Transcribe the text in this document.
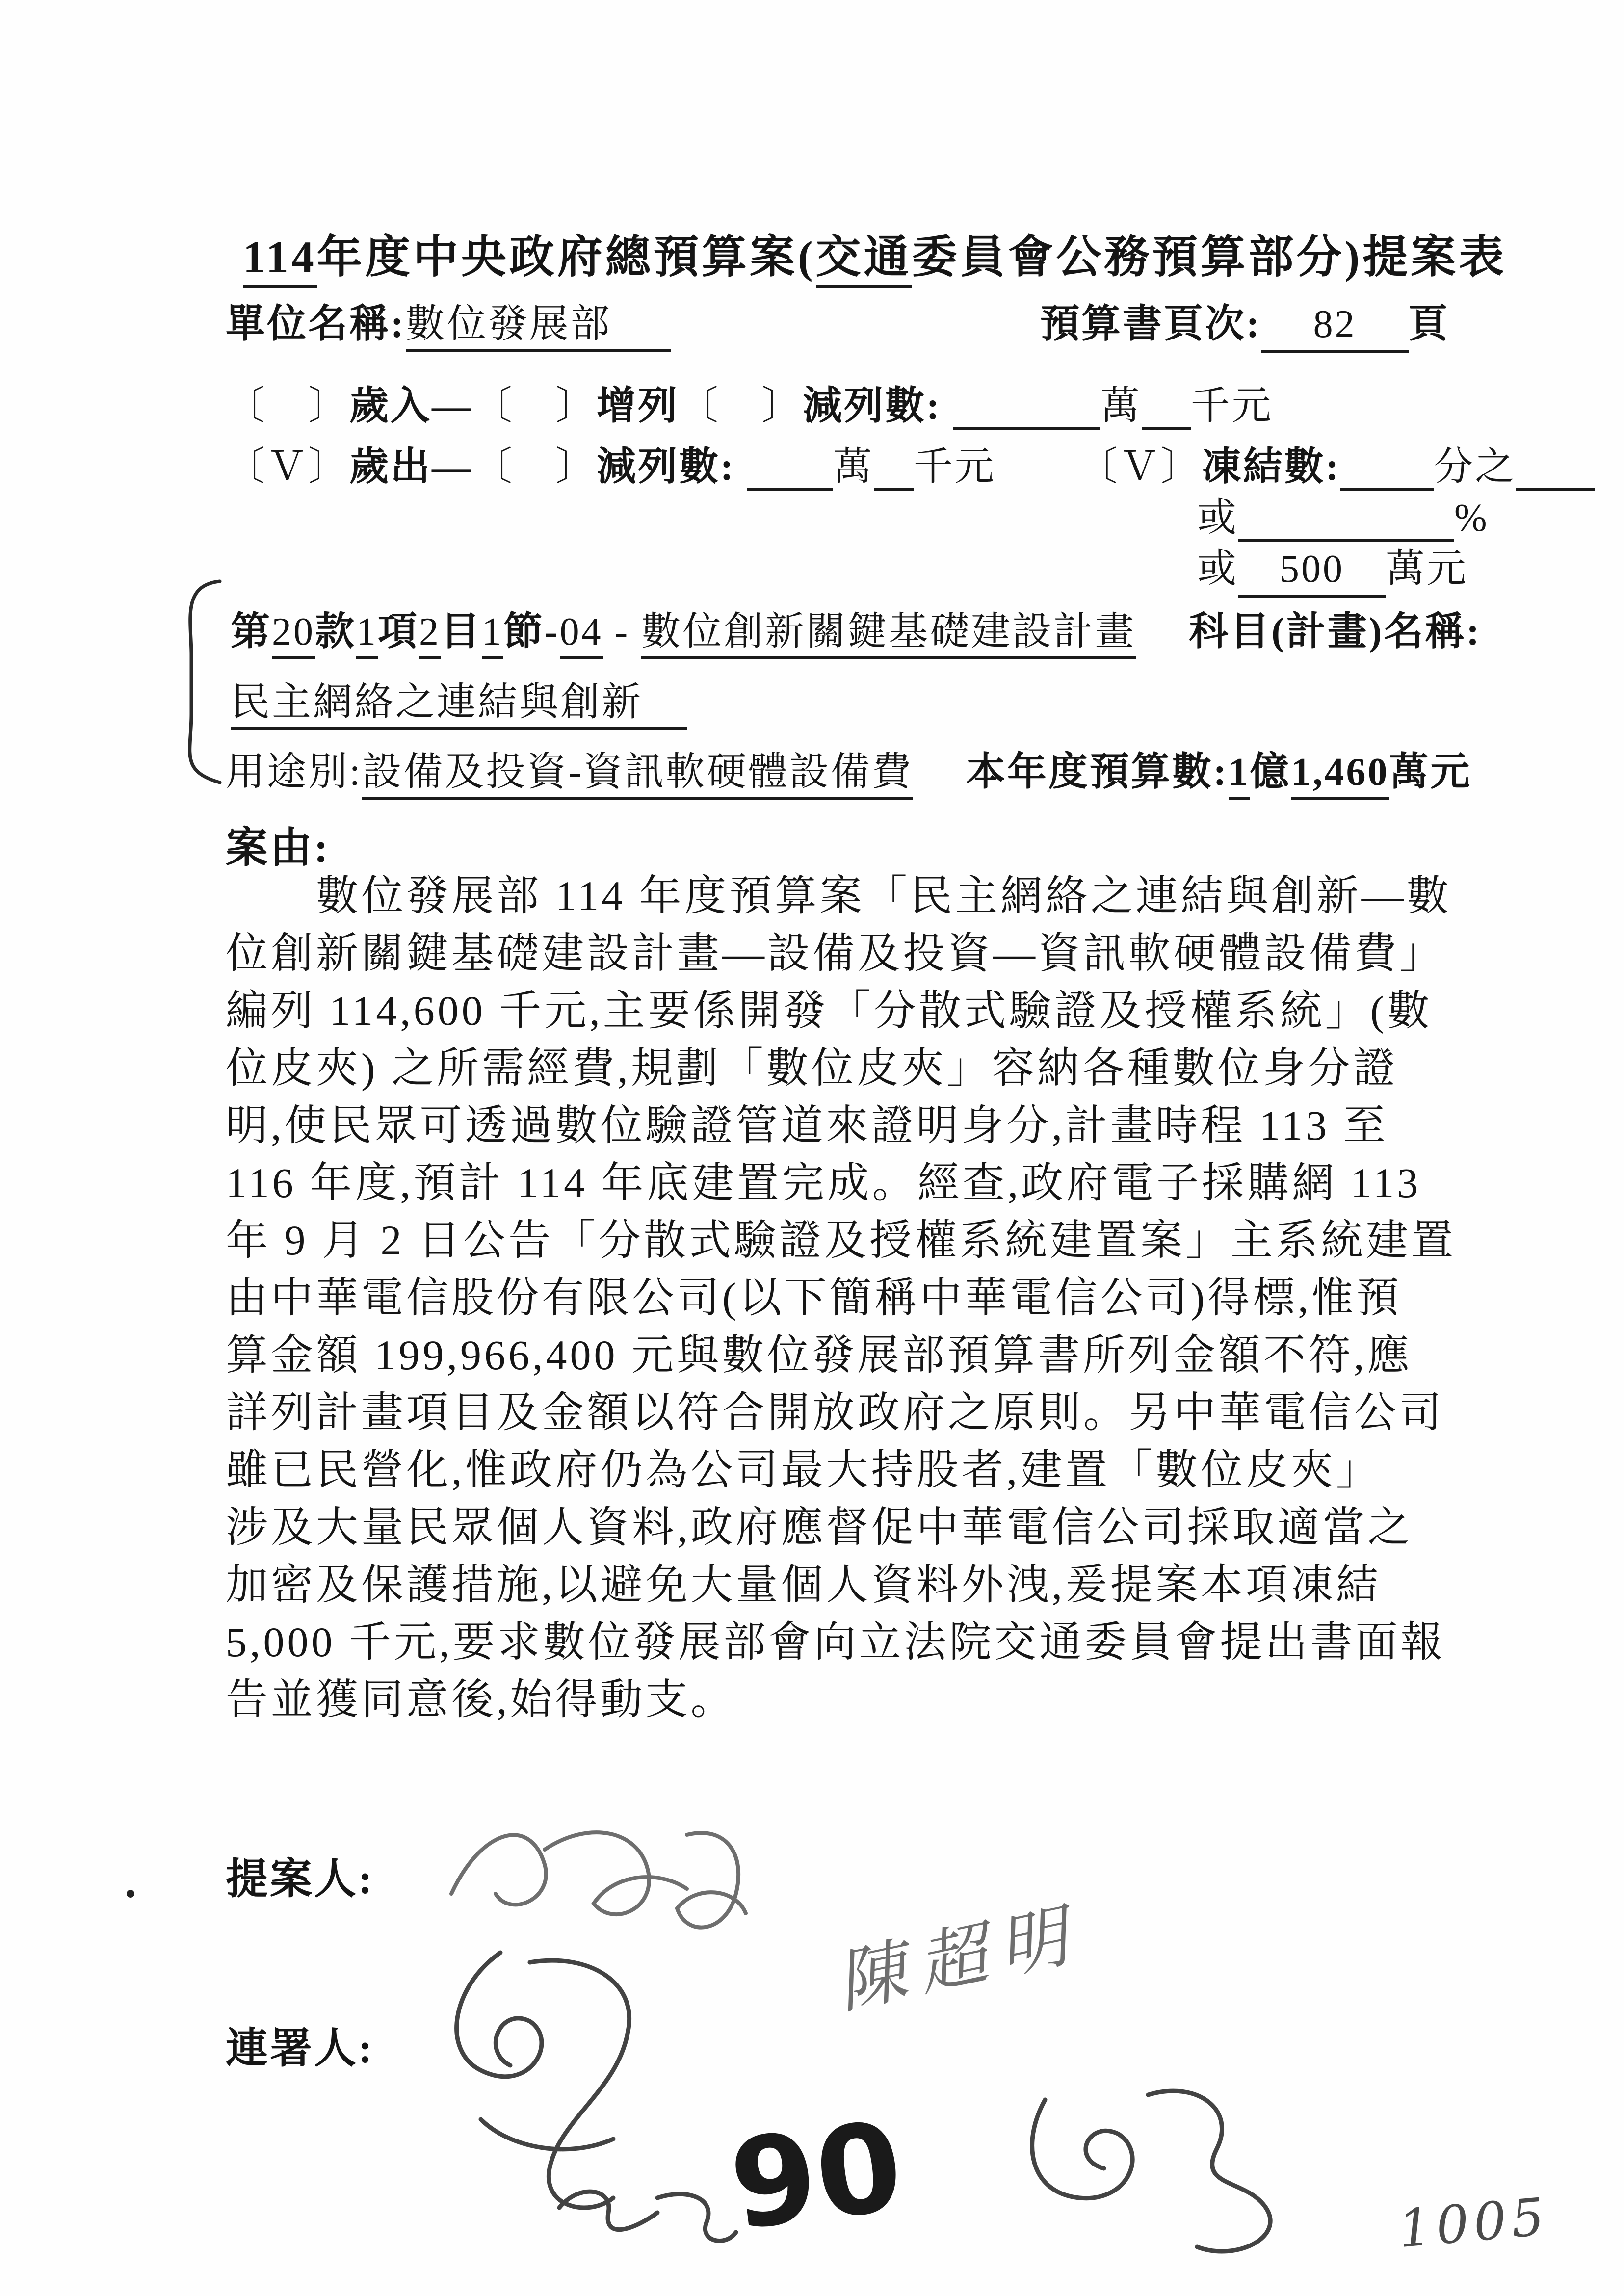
114年度中央政府總預算案(交通委員會公務預算部分)提案表
單位名稱:數位發展部	預算書頁次: 82 頁
〔　〕歲入—〔　〕增列〔　〕減列數:	萬 千元
〔Ｖ〕歲出—〔　〕減列數: 萬 千元 〔Ｖ〕凍結數: 分之
或	%
或 500 萬元
第20款1項2目1節-04 - 數位創新關鍵基礎建設計畫 科目(計畫)名稱:
民主網絡之連結與創新
用途別:設備及投資-資訊軟硬體設備費 本年度預算數:1億1,460萬元
案由:
數位發展部 114 年度預算案「民主網絡之連結與創新—數
位創新關鍵基礎建設計畫—設備及投資—資訊軟硬體設備費」
編列 114,600 千元,主要係開發「分散式驗證及授權系統」(數
位皮夾) 之所需經費,規劃「數位皮夾」容納各種數位身分證
明,使民眾可透過數位驗證管道來證明身分,計畫時程 113 至
116 年度,預計 114 年底建置完成。經查,政府電子採購網 113
年 9 月 2 日公告「分散式驗證及授權系統建置案」主系統建置
由中華電信股份有限公司(以下簡稱中華電信公司)得標,惟預
算金額 199,966,400 元與數位發展部預算書所列金額不符,應
詳列計畫項目及金額以符合開放政府之原則。另中華電信公司
雖已民營化,惟政府仍為公司最大持股者,建置「數位皮夾」
涉及大量民眾個人資料,政府應督促中華電信公司採取適當之
加密及保護措施,以避免大量個人資料外洩,爰提案本項凍結
5,000 千元,要求數位發展部會向立法院交通委員會提出書面報
告並獲同意後,始得動支。
提案人:
連署人:
陳超明
90	1005
